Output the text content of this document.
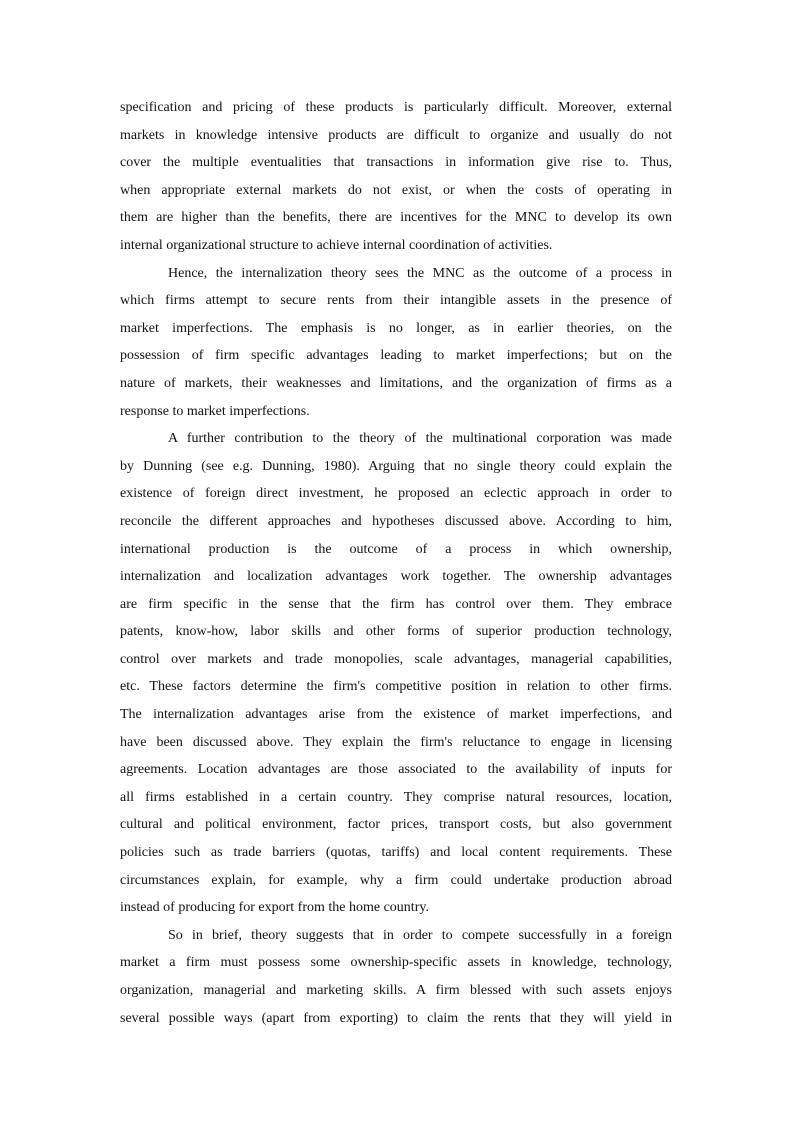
specification and pricing of these products is particularly difficult. Moreover, external
markets in knowledge intensive products are difficult to organize and usually do not
cover the multiple eventualities that transactions in information give rise to. Thus,
when appropriate external markets do not exist, or when the costs of operating in
them are higher than the benefits, there are incentives for the MNC to develop its own
internal organizational structure to achieve internal coordination of activities.
Hence, the internalization theory sees the MNC as the outcome of a process in
which firms attempt to secure rents from their intangible assets in the presence of
market imperfections. The emphasis is no longer, as in earlier theories, on the
possession of firm specific advantages leading to market imperfections; but on the
nature of markets, their weaknesses and limitations, and the organization of firms as a
response to market imperfections.
A further contribution to the theory of the multinational corporation was made
by Dunning (see e.g. Dunning, 1980). Arguing that no single theory could explain the
existence of foreign direct investment, he proposed an eclectic approach in order to
reconcile the different approaches and hypotheses discussed above. According to him,
international production is the outcome of a process in which ownership,
internalization and localization advantages work together. The ownership advantages
are firm specific in the sense that the firm has control over them. They embrace
patents, know-how, labor skills and other forms of superior production technology,
control over markets and trade monopolies, scale advantages, managerial capabilities,
etc. These factors determine the firm's competitive position in relation to other firms.
The internalization advantages arise from the existence of market imperfections, and
have been discussed above. They explain the firm's reluctance to engage in licensing
agreements. Location advantages are those associated to the availability of inputs for
all firms established in a certain country. They comprise natural resources, location,
cultural and political environment, factor prices, transport costs, but also government
policies such as trade barriers (quotas, tariffs) and local content requirements. These
circumstances explain, for example, why a firm could undertake production abroad
instead of producing for export from the home country.
So in brief, theory suggests that in order to compete successfully in a foreign
market a firm must possess some ownership-specific assets in knowledge, technology,
organization, managerial and marketing skills. A firm blessed with such assets enjoys
several possible ways (apart from exporting) to claim the rents that they will yield in
